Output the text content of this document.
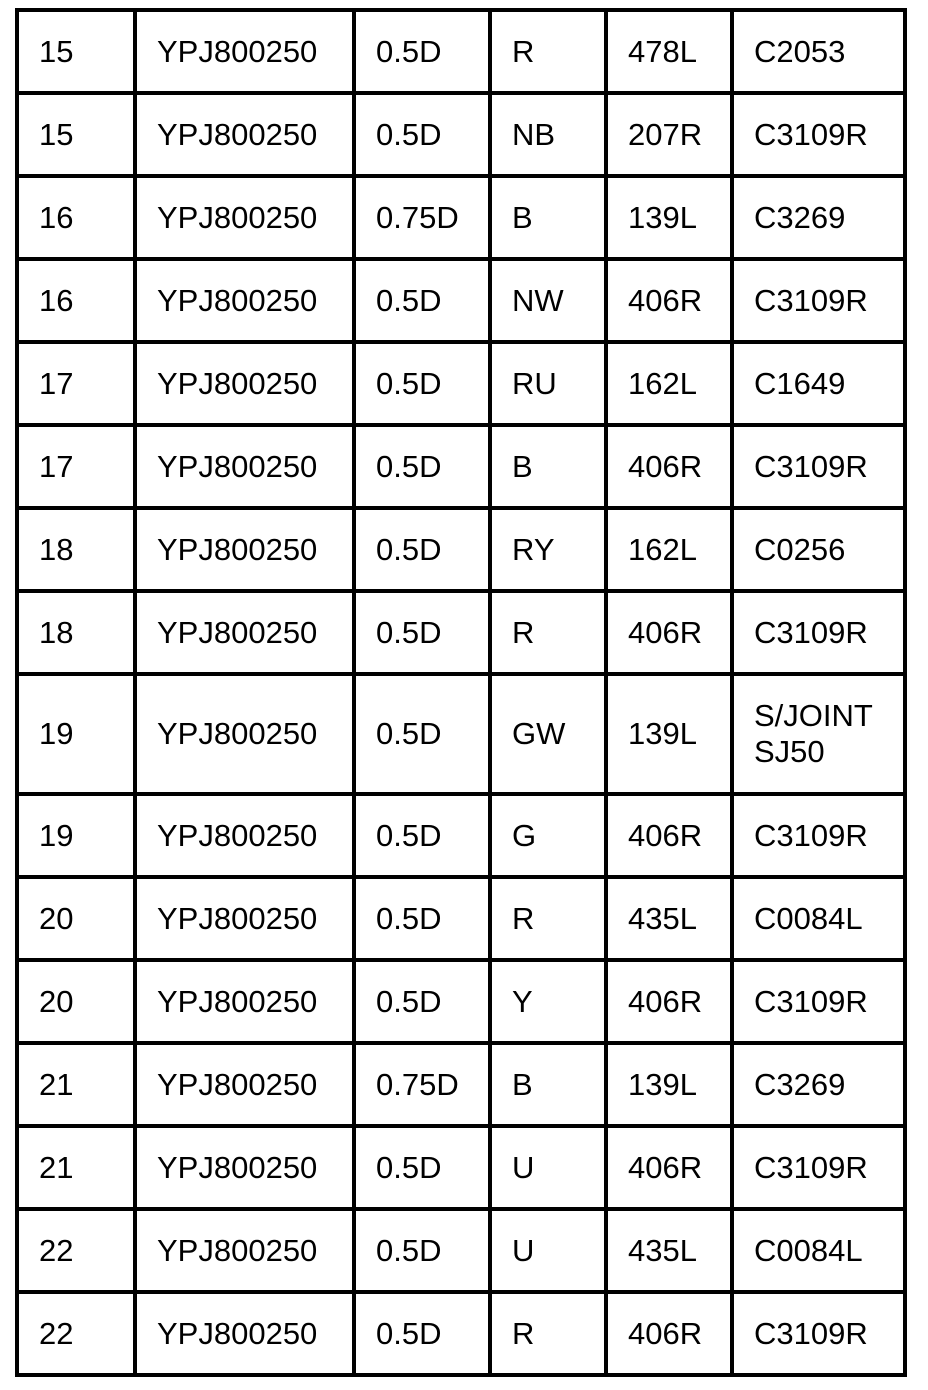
15	YPJ800250	0.5D	R	478L	C2053
15	YPJ800250	0.5D	NB	207R	C3109R
16	YPJ800250	0.75D	B	139L	C3269
16	YPJ800250	0.5D	NW	406R	C3109R
17	YPJ800250	0.5D	RU	162L	C1649
17	YPJ800250	0.5D	B	406R	C3109R
18	YPJ800250	0.5D	RY	162L	C0256
18	YPJ800250	0.5D	R	406R	C3109R
19	YPJ800250	0.5D	GW	139L	S/JOINT
SJ50
19	YPJ800250	0.5D	G	406R	C3109R
20	YPJ800250	0.5D	R	435L	C0084L
20	YPJ800250	0.5D	Y	406R	C3109R
21	YPJ800250	0.75D	B	139L	C3269
21	YPJ800250	0.5D	U	406R	C3109R
22	YPJ800250	0.5D	U	435L	C0084L
22	YPJ800250	0.5D	R	406R	C3109R
